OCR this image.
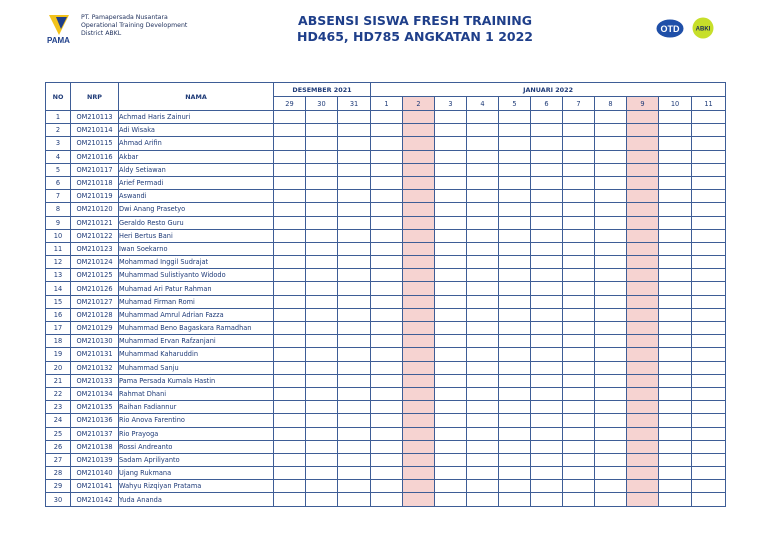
PAMA
PT. Pamapersada Nusantara
Operational Training Development
District ABKL
ABSENSI SISWA FRESH TRAINING
HD465, HD785 ANGKATAN 1 2022	OTD	ABKI
NO	NRP	NAMA	DESEMBER 2021			JANUARI 2022										
			29	30	31	1	2	3	4	5	6	7	8	9	10	11
1	OM210113	Achmad Haris Zainuri														
2	OM210114	Adi Wisaka														
3	OM210115	Ahmad Arifin														
4	OM210116	Akbar														
5	OM210117	Aldy Setiawan														
6	OM210118	Arief Permadi														
7	OM210119	Aswandi														
8	OM210120	Dwi Anang Prasetyo														
9	OM210121	Geraldo Resto Guru														
10	OM210122	Heri Bertus Bani														
11	OM210123	Iwan Soekarno														
12	OM210124	Mohammad Inggil Sudrajat														
13	OM210125	Muhammad Sulistiyanto Widodo														
14	OM210126	Muhamad Ari Patur Rahman														
15	OM210127	Muhamad Firman Romi														
16	OM210128	Muhammad Amrul Adrian Fazza														
17	OM210129	Muhammad Beno Bagaskara Ramadhan														
18	OM210130	Muhammad Ervan Rafzanjani														
19	OM210131	Muhammad Kaharuddin														
20	OM210132	Muhammad Sanju														
21	OM210133	Pama Persada Kumala Hastin														
22	OM210134	Rahmat Dhani														
23	OM210135	Raihan Fadiannur														
24	OM210136	Rio Anova Farentino														
25	OM210137	Rio Prayoga														
26	OM210138	Rossi Andreanto														
27	OM210139	Sadam Apriliyanto														
28	OM210140	Ujang Rukmana														
29	OM210141	Wahyu Rizqiyan Pratama														
30	OM210142	Yuda Ananda														
